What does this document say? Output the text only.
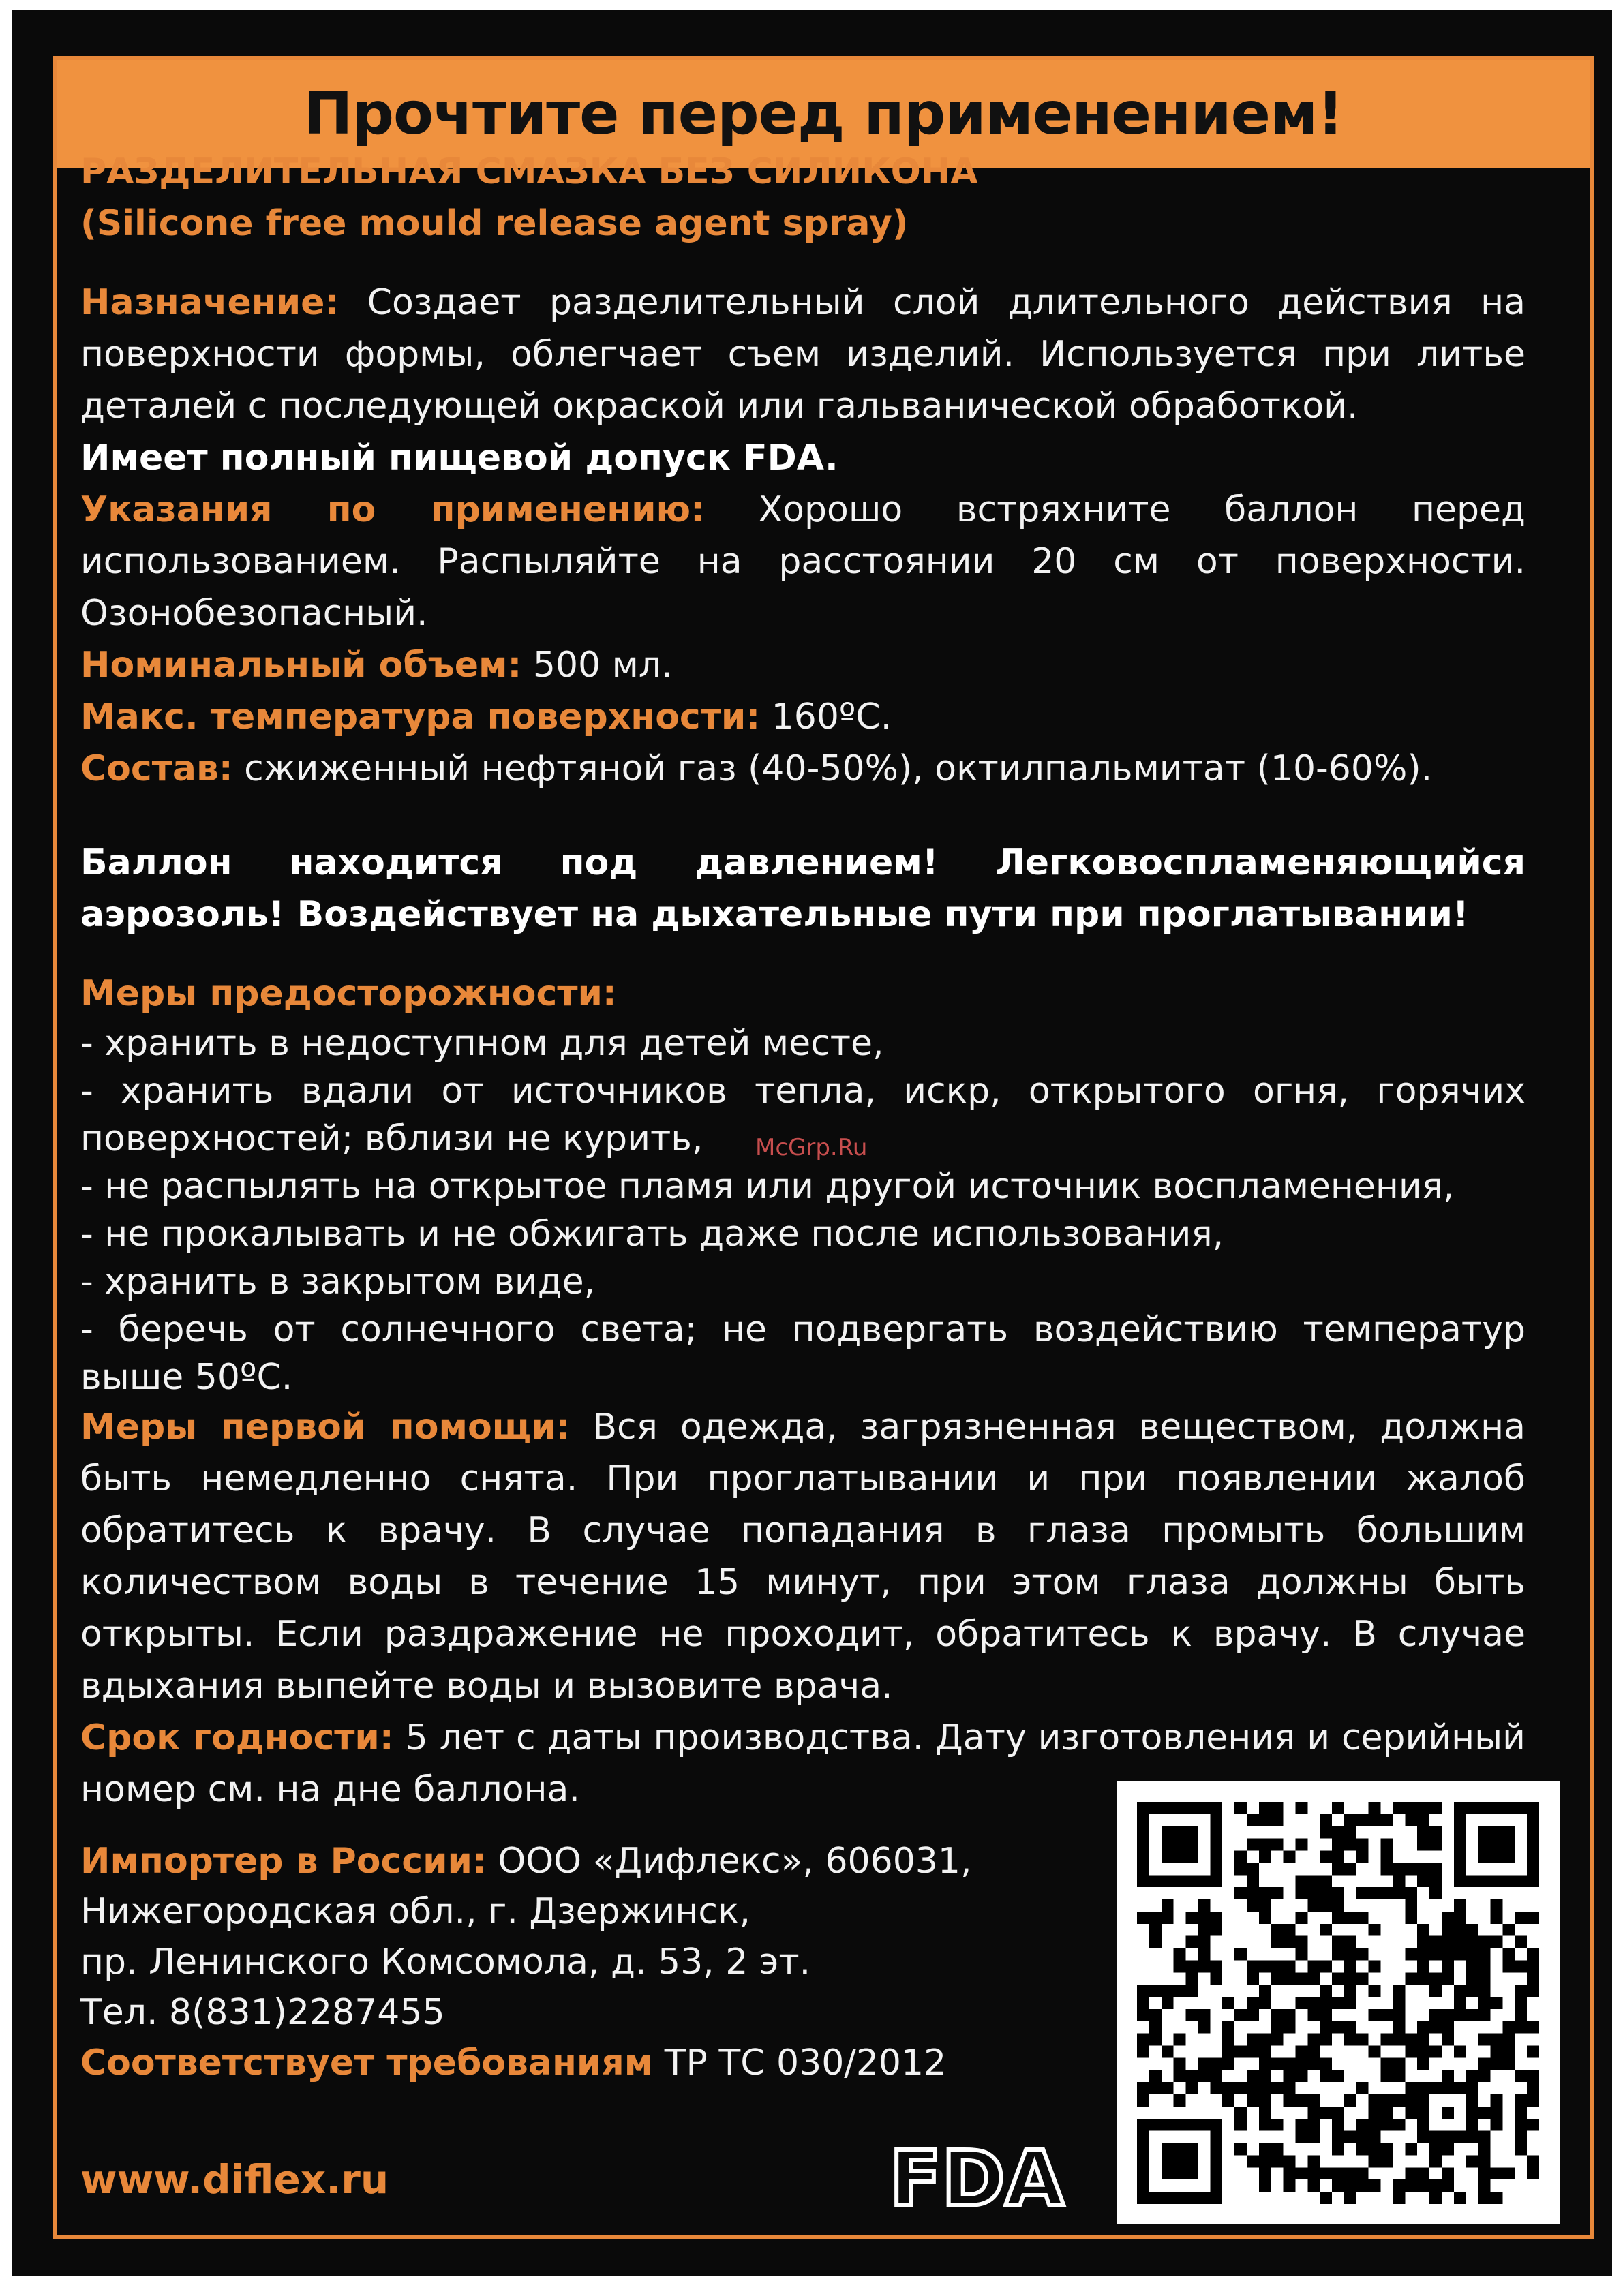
Прочтите перед применением!

РАЗДЕЛИТЕЛЬНАЯ СМАЗКА БЕЗ СИЛИКОНА

(Silicone free mould release agent spray)

Назначение: Создает разделительный слой длительного действия на поверхности формы, облегчает съем изделий. Используется при литье деталей с последующей окраской или гальванической обработкой.

Имеет полный пищевой допуск FDA.

Указания по применению: Хорошо встряхните баллон перед использованием. Распыляйте на расстоянии 20 см от поверхности. Озонобезопасный.

Номинальный объем: 500 мл.

Макс. температура поверхности: 160ºС.

Состав: сжиженный нефтяной газ (40-50%), октилпальмитат (10-60%).

Баллон находится под давлением! Легковоспламеняющийся аэрозоль! Воздействует на дыхательные пути при проглатывании!

Меры предосторожности:

- хранить в недоступном для детей месте,
- хранить вдали от источников тепла, искр, открытого огня, горячих поверхностей; вблизи не курить,
- не распылять на открытое пламя или другой источник воспламенения,
- не прокалывать и не обжигать даже после использования,
- хранить в закрытом виде,
- беречь от солнечного света; не подвергать воздействию температур выше 50ºС.

Меры первой помощи: Вся одежда, загрязненная веществом, должна быть немедленно снята. При проглатывании и при появлении жалоб обратитесь к врачу. В случае попадания в глаза промыть большим количеством воды в течение 15 минут, при этом глаза должны быть открыты. Если раздражение не проходит, обратитесь к врачу. В случае вдыхания выпейте воды и вызовите врача.

Срок годности: 5 лет с даты производства. Дату изготовления и серийный номер см. на дне баллона.

Импортер в России: ООО «Дифлекс», 606031,

Нижегородская обл., г. Дзержинск,

пр. Ленинского Комсомола, д. 53, 2 эт.

Тел. 8(831)2287455

Соответствует требованиям ТР ТС 030/2012

www.diflex.ru	FDA
McGrp.Ru
